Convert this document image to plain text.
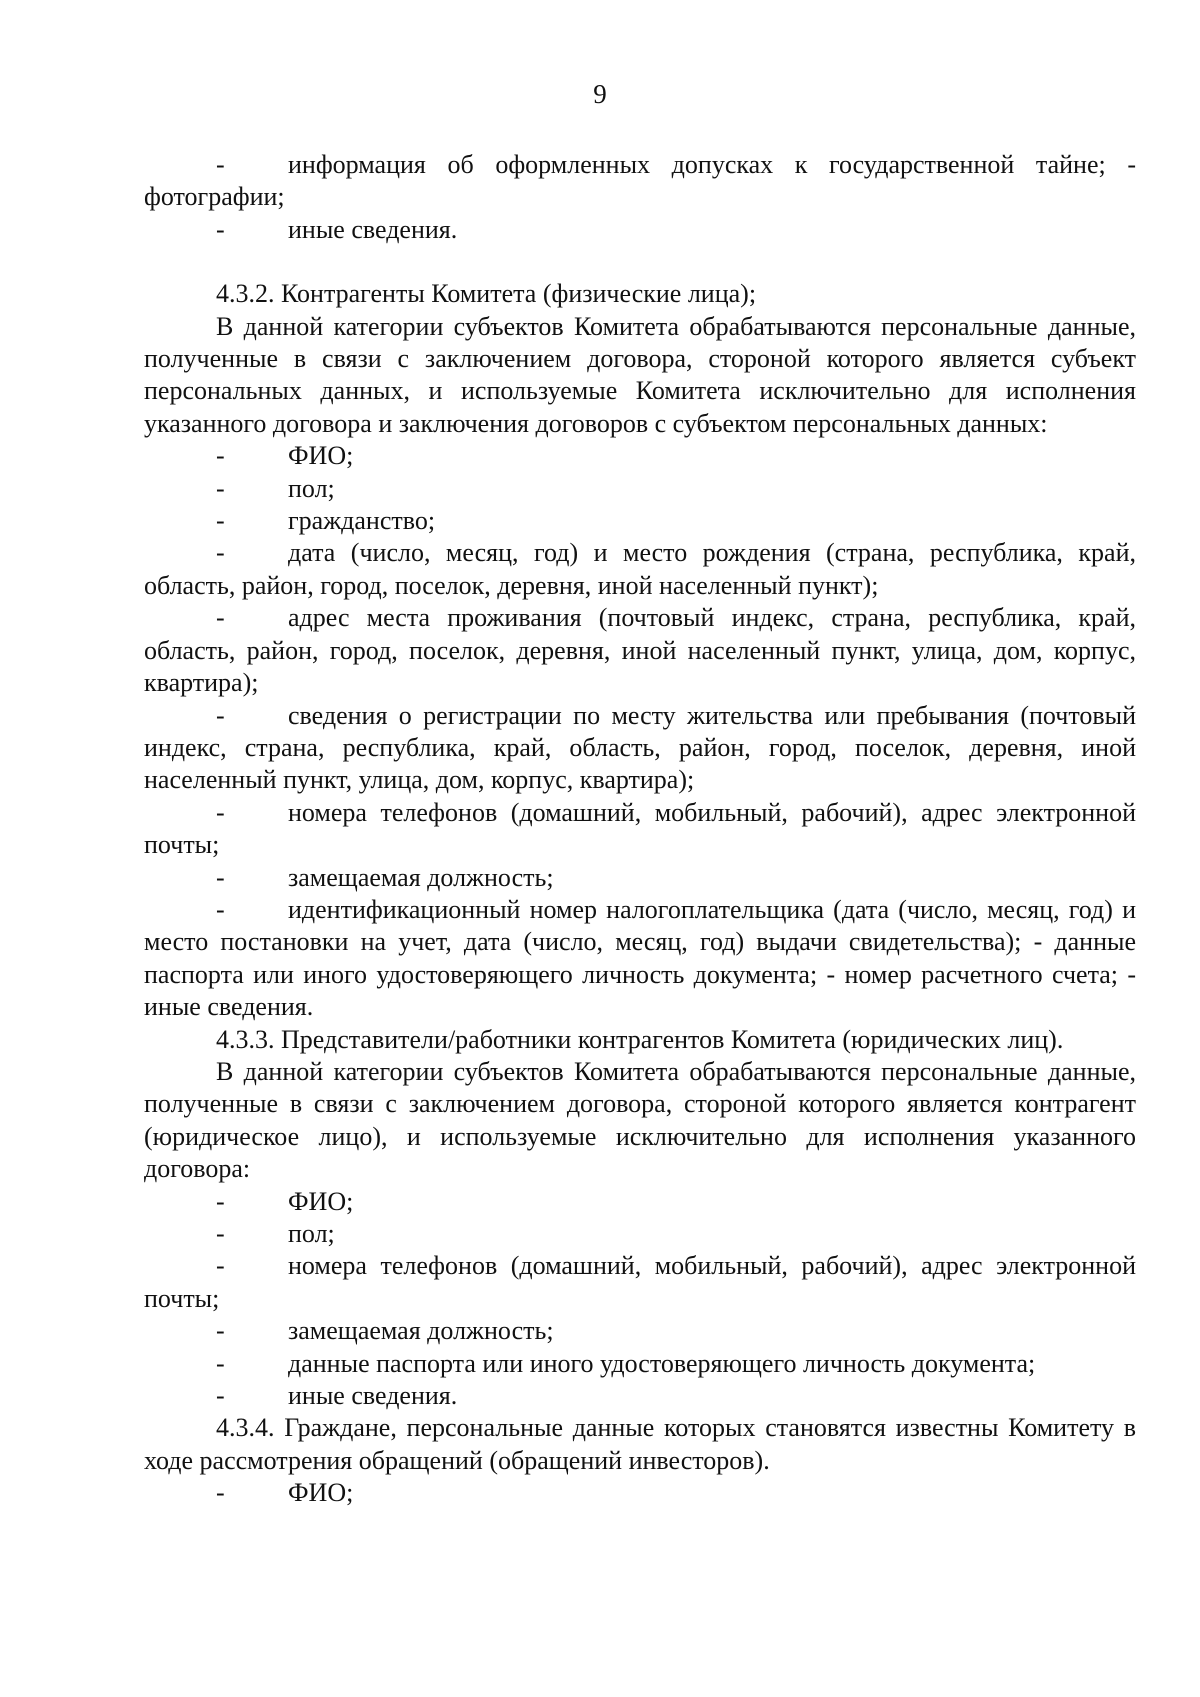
9

- информация об оформленных допусках к государственной тайне; - фотографии;

- иные сведения.

4.3.2. Контрагенты Комитета (физические лица);

В данной категории субъектов Комитета обрабатываются персональные данные, полученные в связи с заключением договора, стороной которого является субъект персональных данных, и используемые Комитета исключительно для исполнения указанного договора и заключения договоров с субъектом персональных данных:

- ФИО;

- пол;

- гражданство;

- дата (число, месяц, год) и место рождения (страна, республика, край, область, район, город, поселок, деревня, иной населенный пункт);

- адрес места проживания (почтовый индекс, страна, республика, край, область, район, город, поселок, деревня, иной населенный пункт, улица, дом, корпус, квартира);

- сведения о регистрации по месту жительства или пребывания (почтовый индекс, страна, республика, край, область, район, город, поселок, деревня, иной населенный пункт, улица, дом, корпус, квартира);

- номера телефонов (домашний, мобильный, рабочий), адрес электронной почты;

- замещаемая должность;

- идентификационный номер налогоплательщика (дата (число, месяц, год) и место постановки на учет, дата (число, месяц, год) выдачи свидетельства); - данные паспорта или иного удостоверяющего личность документа; - номер расчетного счета; - иные сведения.

4.3.3. Представители/работники контрагентов Комитета (юридических лиц).

В данной категории субъектов Комитета обрабатываются персональные данные, полученные в связи с заключением договора, стороной которого является контрагент (юридическое лицо), и используемые исключительно для исполнения указанного договора:

- ФИО;

- пол;

- номера телефонов (домашний, мобильный, рабочий), адрес электронной почты;

- замещаемая должность;

- данные паспорта или иного удостоверяющего личность документа;

- иные сведения.

4.3.4. Граждане, персональные данные которых становятся известны Комитету в ходе рассмотрения обращений (обращений инвесторов).

- ФИО;
